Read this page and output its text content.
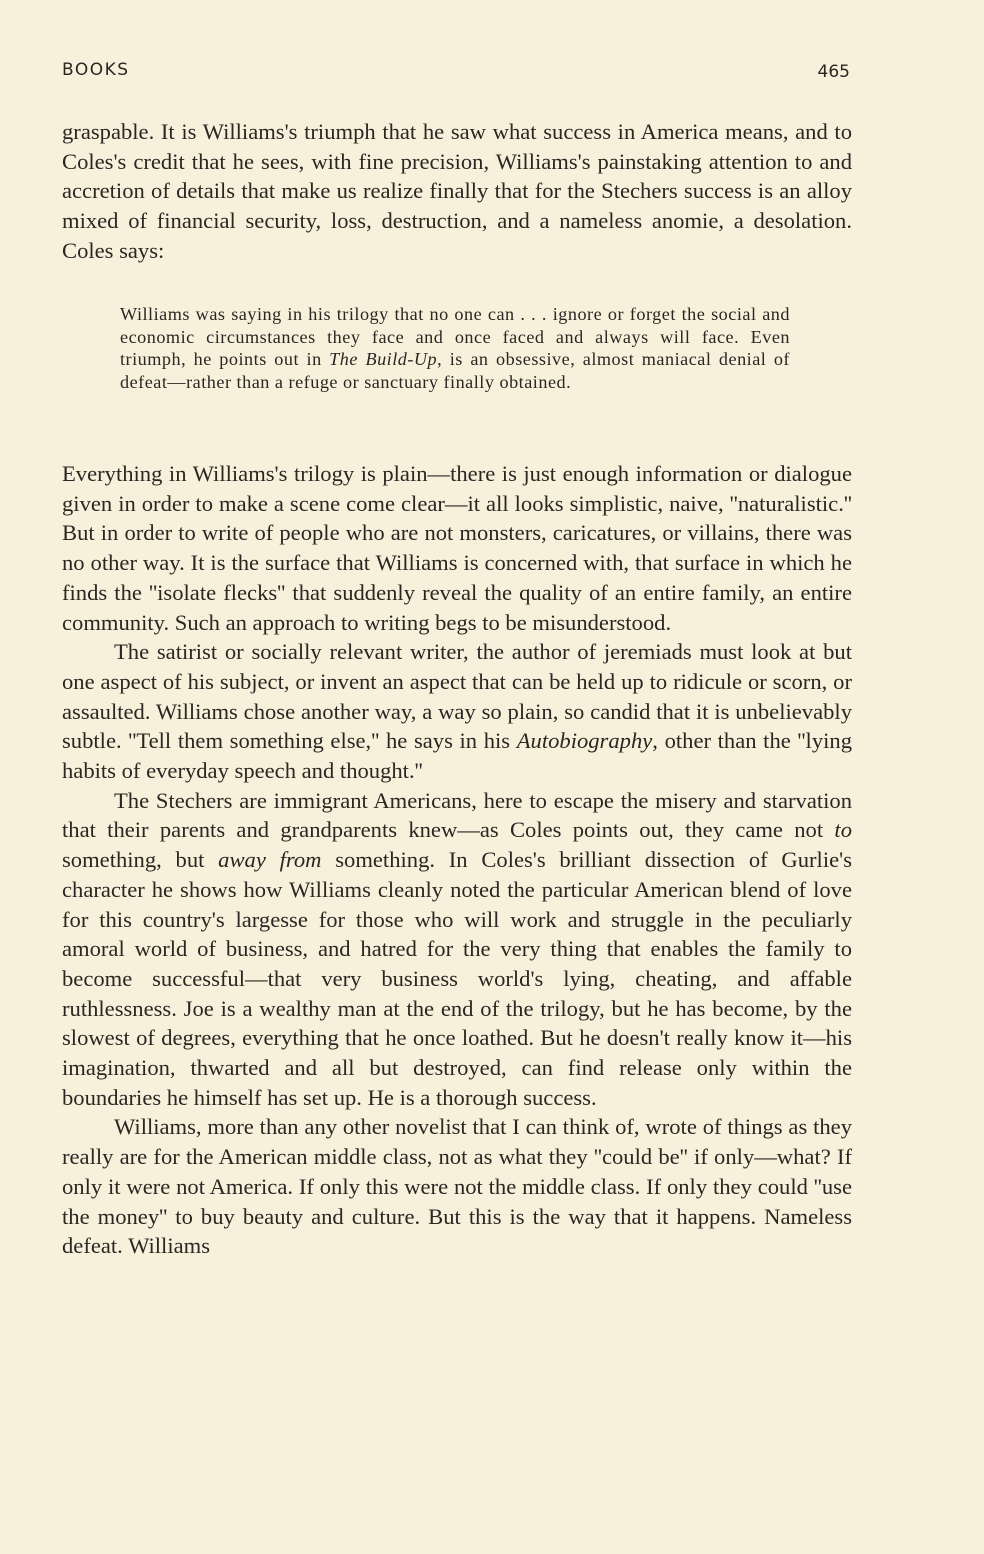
BOOKS	465

graspable. It is Williams's triumph that he saw what success in America means, and to Coles's credit that he sees, with fine precision, Williams's painstaking attention to and accretion of details that make us realize finally that for the Stechers success is an alloy mixed of financial security, loss, destruction, and a nameless anomie, a desolation. Coles says:

Williams was saying in his trilogy that no one can . . . ignore or forget the social and economic circumstances they face and once faced and always will face. Even triumph, he points out in The Build-Up, is an obsessive, almost maniacal denial of defeat—rather than a refuge or sanctuary finally obtained.

Everything in Williams's trilogy is plain—there is just enough information or dialogue given in order to make a scene come clear—it all looks simplistic, naive, ''naturalistic.'' But in order to write of people who are not monsters, caricatures, or villains, there was no other way. It is the surface that Williams is concerned with, that surface in which he finds the ''isolate flecks'' that suddenly reveal the quality of an entire family, an entire community. Such an approach to writing begs to be misunderstood.

The satirist or socially relevant writer, the author of jeremiads must look at but one aspect of his subject, or invent an aspect that can be held up to ridicule or scorn, or assaulted. Williams chose another way, a way so plain, so candid that it is unbelievably subtle. ''Tell them something else,'' he says in his Autobiography, other than the ''lying habits of everyday speech and thought.''

The Stechers are immigrant Americans, here to escape the misery and starvation that their parents and grandparents knew—as Coles points out, they came not to something, but away from something. In Coles's brilliant dissection of Gurlie's character he shows how Williams cleanly noted the particular American blend of love for this country's largesse for those who will work and struggle in the peculiarly amoral world of business, and hatred for the very thing that enables the family to become successful—that very business world's lying, cheating, and affable ruthlessness. Joe is a wealthy man at the end of the trilogy, but he has become, by the slowest of degrees, everything that he once loathed. But he doesn't really know it—his imagination, thwarted and all but destroyed, can find release only within the boundaries he himself has set up. He is a thorough success.

Williams, more than any other novelist that I can think of, wrote of things as they really are for the American middle class, not as what they ''could be'' if only—what? If only it were not America. If only this were not the middle class. If only they could ''use the money'' to buy beauty and culture. But this is the way that it happens. Nameless defeat. Williams
